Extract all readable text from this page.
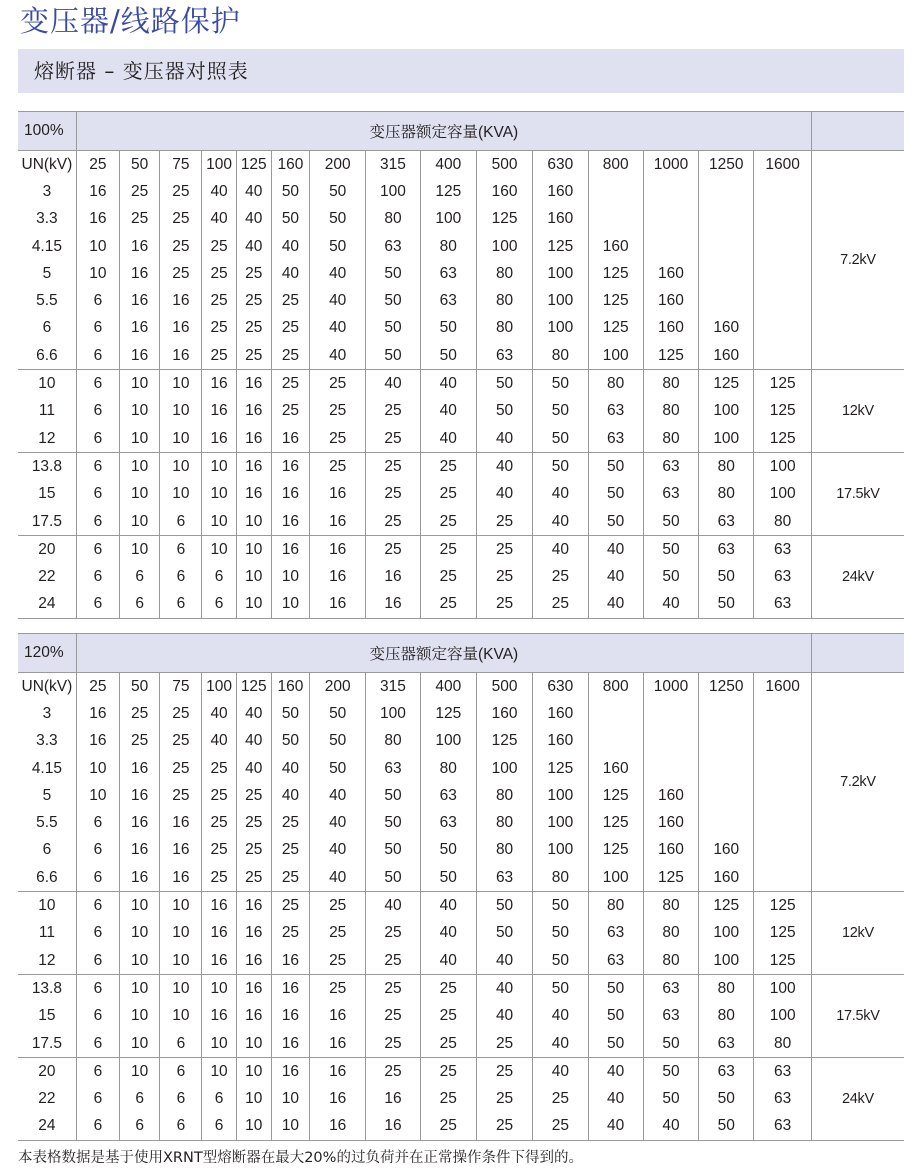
变压器/线路保护
熔断器 – 变压器对照表
100%	变压器额定容量(KVA)															
UN(kV)	25	50	75	100	125	160	200	315	400	500	630	800	1000	1250	1600	7.2kV
3	16	25	25	40	40	50	50	100	125	160	160					
3.3	16	25	25	40	40	50	50	80	100	125	160					
4.15	10	16	25	25	40	40	50	63	80	100	125	160				
5	10	16	25	25	25	40	40	50	63	80	100	125	160			
5.5	6	16	16	25	25	25	40	50	63	80	100	125	160			
6	6	16	16	25	25	25	40	50	50	80	100	125	160	160		
6.6	6	16	16	25	25	25	40	50	50	63	80	100	125	160		
10	6	10	10	16	16	25	25	40	40	50	50	80	80	125	125	12kV
11	6	10	10	16	16	25	25	25	40	50	50	63	80	100	125	
12	6	10	10	16	16	16	25	25	40	40	50	63	80	100	125	
13.8	6	10	10	10	16	16	25	25	25	40	50	50	63	80	100	17.5kV
15	6	10	10	10	16	16	16	25	25	40	40	50	63	80	100	
17.5	6	10	6	10	10	16	16	25	25	25	40	50	50	63	80	
20	6	10	6	10	10	16	16	25	25	25	40	40	50	63	63	24kV
22	6	6	6	6	10	10	16	16	25	25	25	40	50	50	63	
24	6	6	6	6	10	10	16	16	25	25	25	40	40	50	63	
120%	变压器额定容量(KVA)															
UN(kV)	25	50	75	100	125	160	200	315	400	500	630	800	1000	1250	1600	7.2kV
3	16	25	25	40	40	50	50	100	125	160	160					
3.3	16	25	25	40	40	50	50	80	100	125	160					
4.15	10	16	25	25	40	40	50	63	80	100	125	160				
5	10	16	25	25	25	40	40	50	63	80	100	125	160			
5.5	6	16	16	25	25	25	40	50	63	80	100	125	160			
6	6	16	16	25	25	25	40	50	50	80	100	125	160	160		
6.6	6	16	16	25	25	25	40	50	50	63	80	100	125	160		
10	6	10	10	16	16	25	25	40	40	50	50	80	80	125	125	12kV
11	6	10	10	16	16	25	25	25	40	50	50	63	80	100	125	
12	6	10	10	16	16	16	25	25	40	40	50	63	80	100	125	
13.8	6	10	10	10	16	16	25	25	25	40	50	50	63	80	100	17.5kV
15	6	10	10	16	16	16	16	25	25	40	40	50	63	80	100	
17.5	6	10	6	10	10	16	16	25	25	25	40	50	50	63	80	
20	6	10	6	10	10	16	16	25	25	25	40	40	50	63	63	24kV
22	6	6	6	6	10	10	16	16	25	25	25	40	50	50	63	
24	6	6	6	6	10	10	16	16	25	25	25	40	40	50	63	
本表格数据是基于使用XRNT型熔断器在最大20%的过负荷并在正常操作条件下得到的。
